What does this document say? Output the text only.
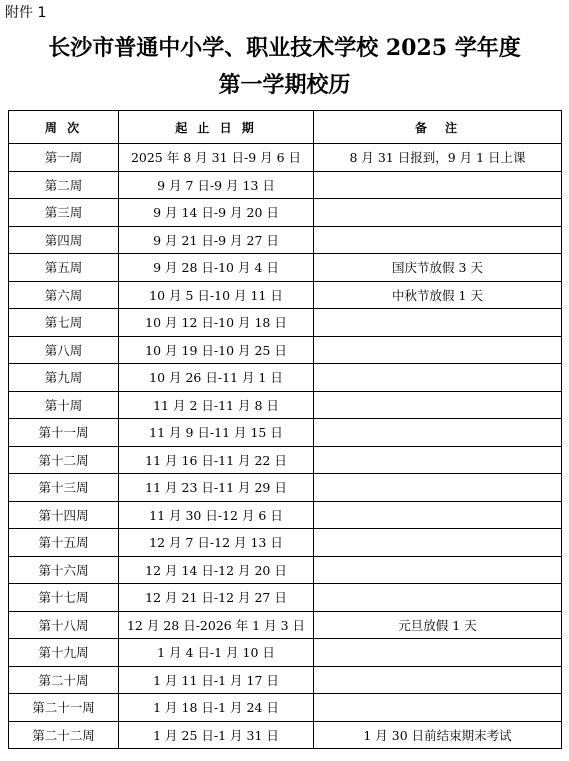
附件 1
长沙市普通中小学、职业技术学校 2025 学年度
第一学期校历
周 次	起 止 日 期	备　注
第一周	2025 年 8 月 31 日-9 月 6 日	8 月 31 日报到，9 月 1 日上课
第二周	9 月 7 日-9 月 13 日	
第三周	9 月 14 日-9 月 20 日	
第四周	9 月 21 日-9 月 27 日	
第五周	9 月 28 日-10 月 4 日	国庆节放假 3 天
第六周	10 月 5 日-10 月 11 日	中秋节放假 1 天
第七周	10 月 12 日-10 月 18 日	
第八周	10 月 19 日-10 月 25 日	
第九周	10 月 26 日-11 月 1 日	
第十周	11 月 2 日-11 月 8 日	
第十一周	11 月 9 日-11 月 15 日	
第十二周	11 月 16 日-11 月 22 日	
第十三周	11 月 23 日-11 月 29 日	
第十四周	11 月 30 日-12 月 6 日	
第十五周	12 月 7 日-12 月 13 日	
第十六周	12 月 14 日-12 月 20 日	
第十七周	12 月 21 日-12 月 27 日	
第十八周	12 月 28 日-2026 年 1 月 3 日	元旦放假 1 天
第十九周	1 月 4 日-1 月 10 日	
第二十周	1 月 11 日-1 月 17 日	
第二十一周	1 月 18 日-1 月 24 日	
第二十二周	1 月 25 日-1 月 31 日	1 月 30 日前结束期末考试
